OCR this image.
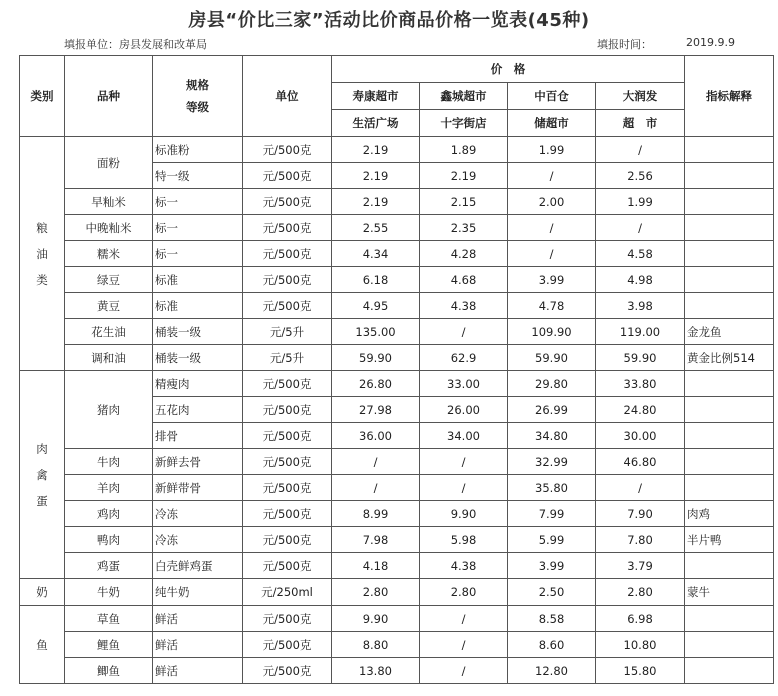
房县“价比三家”活动比价商品价格一览表(45种)
填报单位：房县发展和改革局	填报时间：	2019.9.9
类别	品种	规格
等级	单位	价　格				指标解释
				寿康超市	鑫城超市	中百仓	大润发	
				生活广场	十字街店	储超市	超　市	

粮
油
类	面粉	标准粉	元/500克	2.19	1.89	1.99	/	
		特一级	元/500克	2.19	2.19	/	2.56	
	早籼米	标一	元/500克	2.19	2.15	2.00	1.99	
	中晚籼米	标一	元/500克	2.55	2.35	/	/	
	糯米	标一	元/500克	4.34	4.28	/	4.58	
	绿豆	标准	元/500克	6.18	4.68	3.99	4.98	
	黄豆	标准	元/500克	4.95	4.38	4.78	3.98	
	花生油	桶装一级	元/5升	135.00	/	109.90	119.00	金龙鱼
	调和油	桶装一级	元/5升	59.90	62.9	59.90	59.90	黄金比例514

肉
禽
蛋	猪肉	精瘦肉	元/500克	26.80	33.00	29.80	33.80	
		五花肉	元/500克	27.98	26.00	26.99	24.80	
		排骨	元/500克	36.00	34.00	34.80	30.00	
	牛肉	新鲜去骨	元/500克	/	/	32.99	46.80	
	羊肉	新鲜带骨	元/500克	/	/	35.80	/	
	鸡肉	冷冻	元/500克	8.99	9.90	7.99	7.90	肉鸡
	鸭肉	冷冻	元/500克	7.98	5.98	5.99	7.80	半片鸭
	鸡蛋	白壳鲜鸡蛋	元/500克	4.18	4.38	3.99	3.79	

奶	牛奶	纯牛奶	元/250ml	2.80	2.80	2.50	2.80	蒙牛

鱼	草鱼	鲜活	元/500克	9.90	/	8.58	6.98	
	鲤鱼	鲜活	元/500克	8.80	/	8.60	10.80	
	鲫鱼	鲜活	元/500克	13.80	/	12.80	15.80	
